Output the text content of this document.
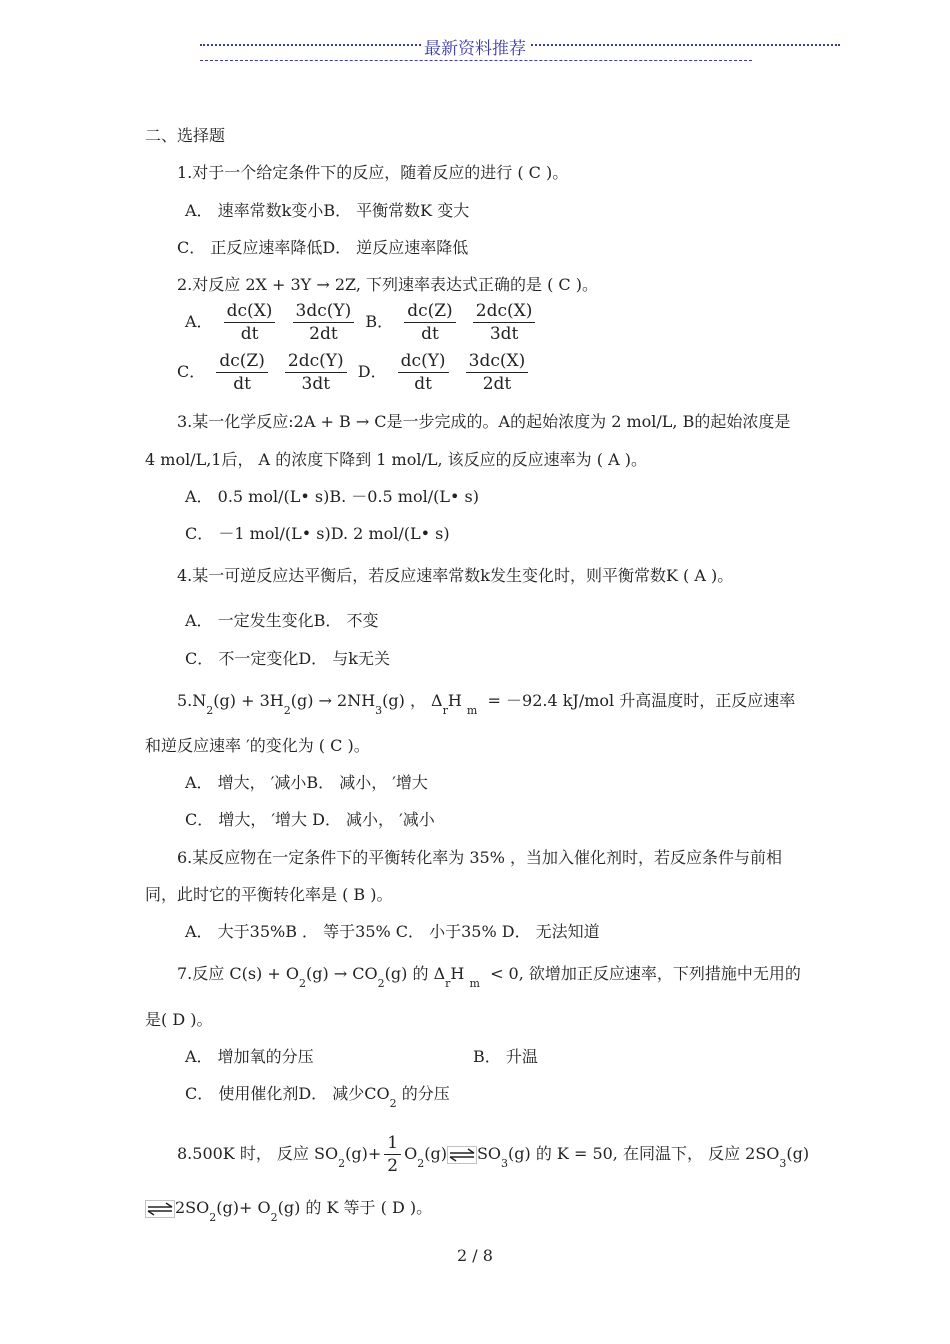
最新资料推荐
二、选择题
1.对于一个给定条件下的反应，随着反应的进行 ( C )。
A． 速率常数k变小B． 平衡常数K 变大
C． 正反应速率降低D． 逆反应速率降低
2.对反应 2X + 3Y → 2Z, 下列速率表达式正确的是 ( C )。
A． $\frac{dc(X)}{dt}$
$\frac{3dc(Y)}{2dt}$ B． $\frac{dc(Z)}{dt}$
$\frac{2dc(X)}{3dt}$
C． $\frac{dc(Z)}{dt}$
$\frac{2dc(Y)}{3dt}$ D． $\frac{dc(Y)}{dt}$
$\frac{3dc(X)}{2dt}$
3.某一化学反应:2A + B → C是一步完成的。A的起始浓度为 2 mol/L, B的起始浓度是
4 mol/L,1后， A 的浓度下降到 1 mol/L, 该反应的反应速率为 ( A )。
A． 0.5 mol/(L• s)B. －0.5 mol/(L• s)
C． －1 mol/(L• s)D. 2 mol/(L• s)
4.某一可逆反应达平衡后，若反应速率常数k发生变化时，则平衡常数K ( A )。
A． 一定发生变化B． 不变
C． 不一定变化D． 与k无关
$5.N_2(g) + 3H_2(g) \to 2NH_3(g)$ ， $\Delta_rH$ $_m$  = －92.4 kJ/mol 升高温度时，正反应速率
和逆反应速率 ′的变化为 ( C )。
A． 增大， ′减小B． 减小， ′增大
C． 增大， ′增大 D． 减小， ′减小
6.某反应物在一定条件下的平衡转化率为 35% ，当加入催化剂时，若反应条件与前相
同，此时它的平衡转化率是 ( B )。
A． 大于35%B ． 等于35% C． 小于35% D． 无法知道
7.反应 $C(s) + O_2(g) \to CO_2(g)$ 的 $\Delta_rH$ $_m$  < 0, 欲增加正反应速率，下列措施中无用的
是( D )。
A． 增加氧的分压	B． 升温
C． 使用催化剂D． 减少$CO_2$ 的分压
8.500K 时， 反应 $SO_2(g)+ \frac{1}{2} O_2(g)$ $SO_3(g)$ 的 K = 50, 在同温下， 反应 $2SO_3(g)$
$2SO_2(g)+ O_2(g)$ 的 K 等于 ( D )。
2 / 8
